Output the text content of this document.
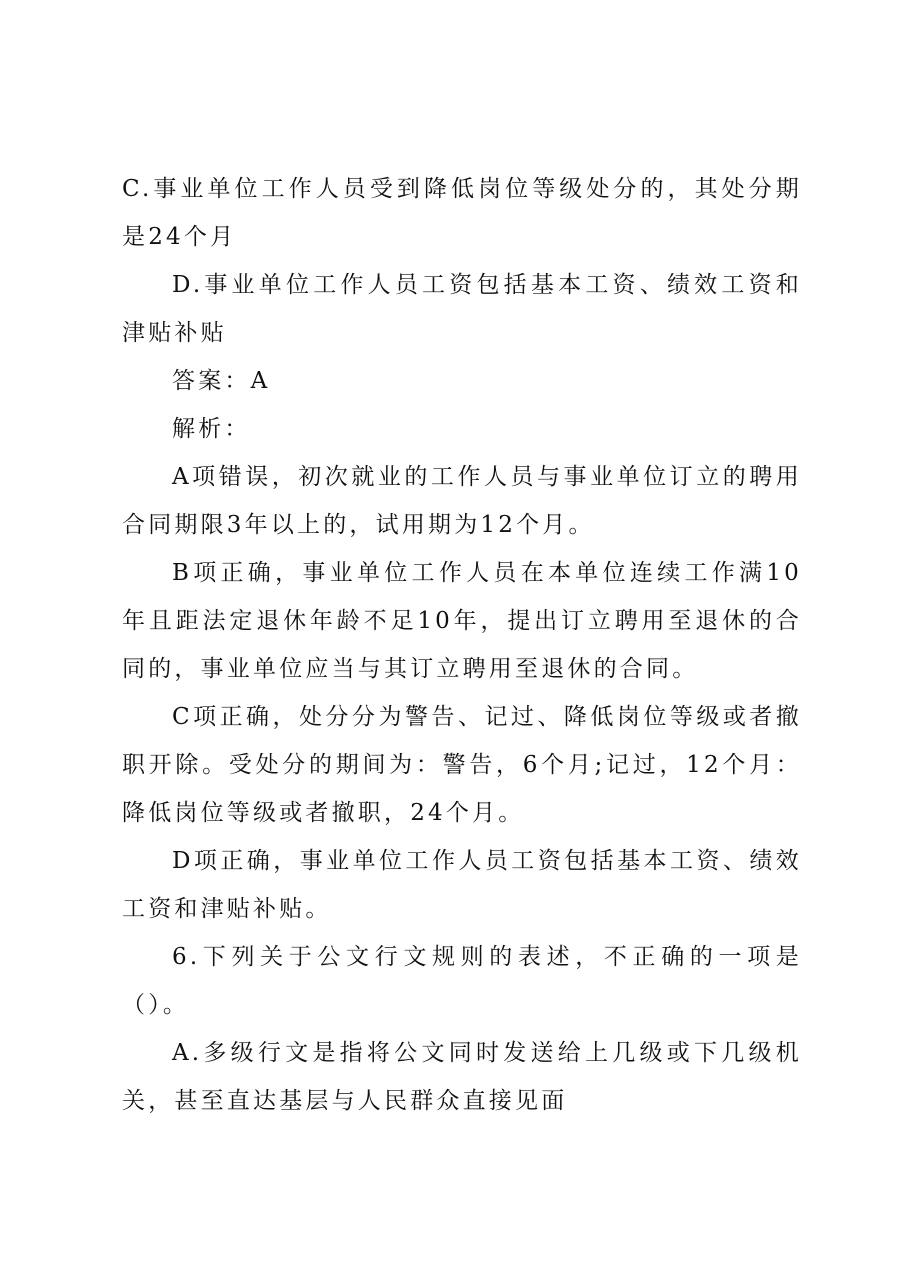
C.事业单位工作人员受到降低岗位等级处分的，其处分期是24个月

D.事业单位工作人员工资包括基本工资、绩效工资和津贴补贴

答案：A

解析：

A项错误，初次就业的工作人员与事业单位订立的聘用合同期限3年以上的，试用期为12个月。

B项正确，事业单位工作人员在本单位连续工作满10年且距法定退休年龄不足10年，提出订立聘用至退休的合同的，事业单位应当与其订立聘用至退休的合同。

C项正确，处分分为警告、记过、降低岗位等级或者撤职开除。受处分的期间为：警告，6个月;记过，12个月：降低岗位等级或者撤职，24个月。

D项正确，事业单位工作人员工资包括基本工资、绩效工资和津贴补贴。

6.下列关于公文行文规则的表述，不正确的一项是（）。

A.多级行文是指将公文同时发送给上几级或下几级机关，甚至直达基层与人民群众直接见面
